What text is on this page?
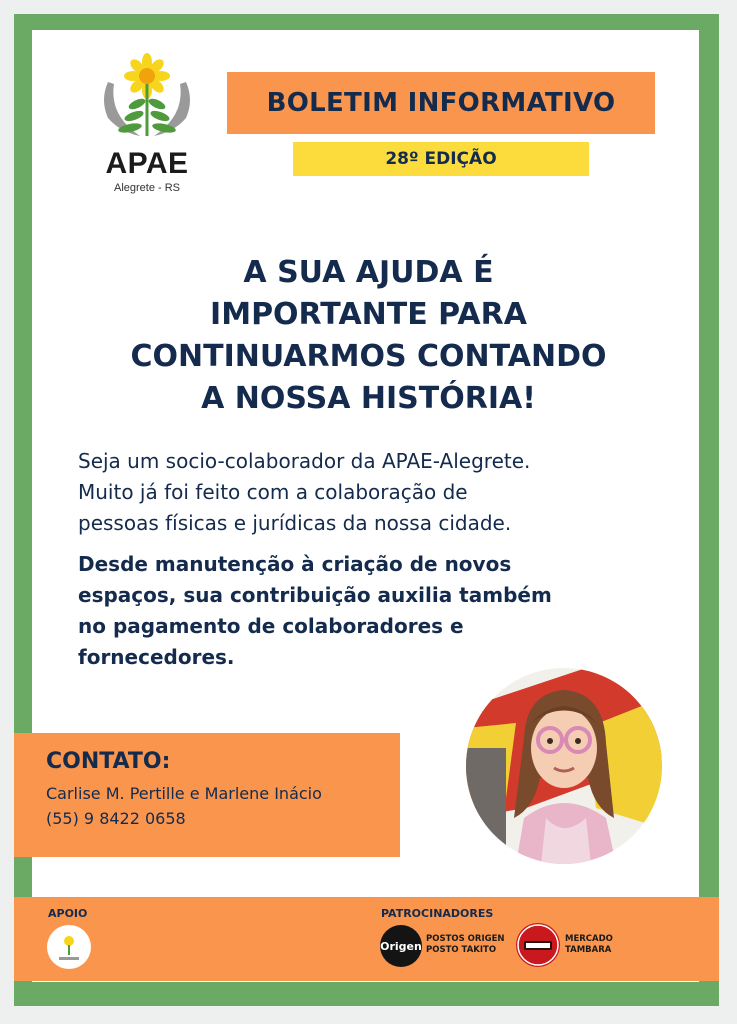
APAE
Alegrete - RS
BOLETIM INFORMATIVO
28º EDIÇÃO
A SUA AJUDA É
IMPORTANTE PARA
CONTINUARMOS CONTANDO
A NOSSA HISTÓRIA!
Seja um socio-colaborador da APAE-Alegrete.
Muito já foi feito com a colaboração de
pessoas físicas e jurídicas da nossa cidade.
Desde manutenção à criação de novos
espaços, sua contribuição auxilia também
no pagamento de colaboradores e
fornecedores.
CONTATO:
Carlise M. Pertille e Marlene Inácio
(55) 9 8422 0658
APOIO	PATROCINADORES
Origen
POSTOS ORIGEN
POSTO TAKITO
MERCADO
TAMBARA
